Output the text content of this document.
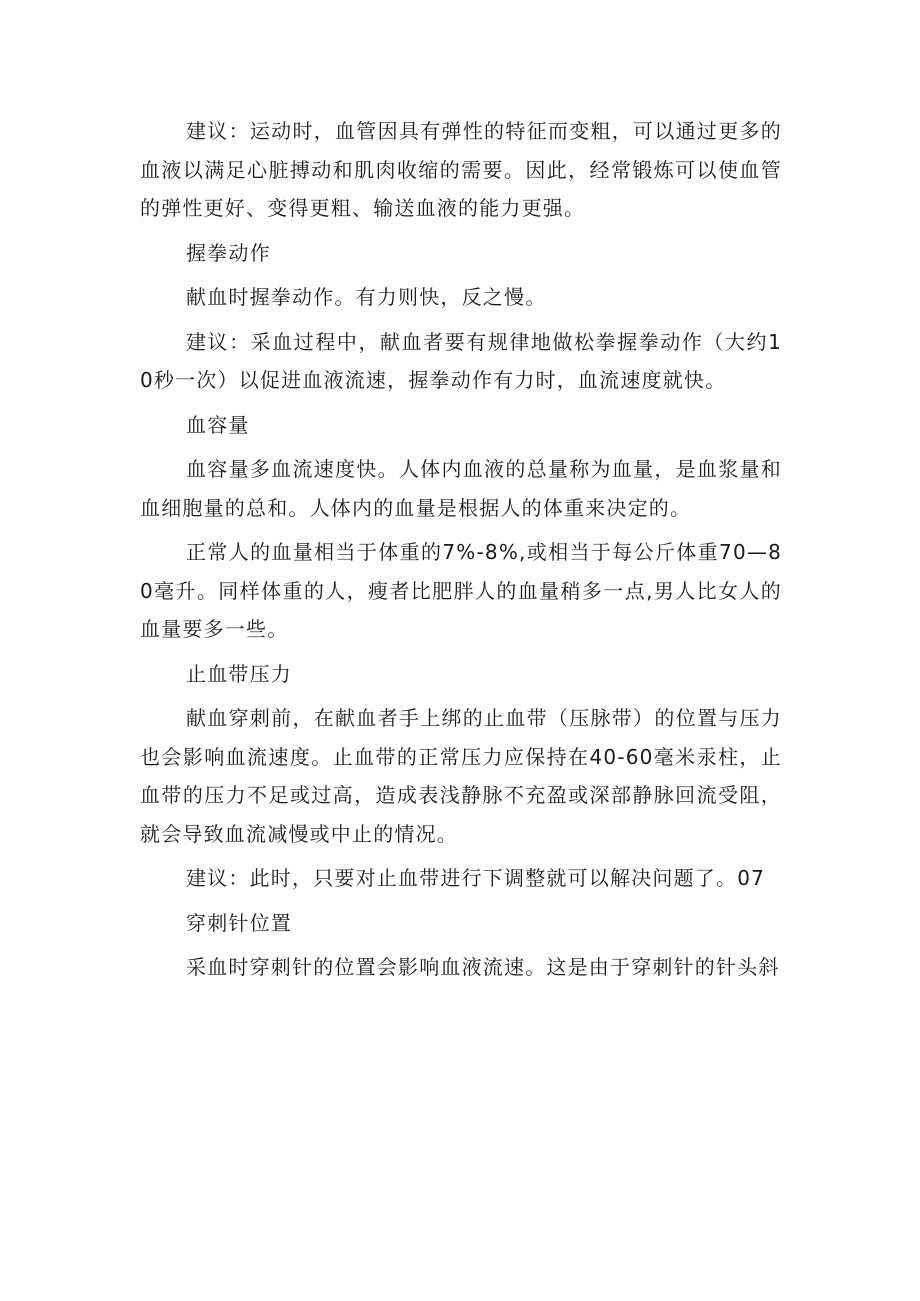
建议：运动时，血管因具有弹性的特征而变粗，可以通过更多的血液以满足心脏搏动和肌肉收缩的需要。因此，经常锻炼可以使血管的弹性更好、变得更粗、输送血液的能力更强。

握拳动作

献血时握拳动作。有力则快，反之慢。

建议：采血过程中，献血者要有规律地做松拳握拳动作（大约10秒一次）以促进血液流速，握拳动作有力时，血流速度就快。

血容量

血容量多血流速度快。人体内血液的总量称为血量，是血浆量和血细胞量的总和。人体内的血量是根据人的体重来决定的。

正常人的血量相当于体重的7%-8%,或相当于每公斤体重70—80毫升。同样体重的人，瘦者比肥胖人的血量稍多一点,男人比女人的血量要多一些。

止血带压力

献血穿刺前，在献血者手上绑的止血带（压脉带）的位置与压力也会影响血流速度。止血带的正常压力应保持在40-60毫米汞柱，止血带的压力不足或过高，造成表浅静脉不充盈或深部静脉回流受阻，就会导致血流减慢或中止的情况。

建议：此时，只要对止血带进行下调整就可以解决问题了。07

穿刺针位置

采血时穿刺针的位置会影响血液流速。这是由于穿刺针的针头斜
